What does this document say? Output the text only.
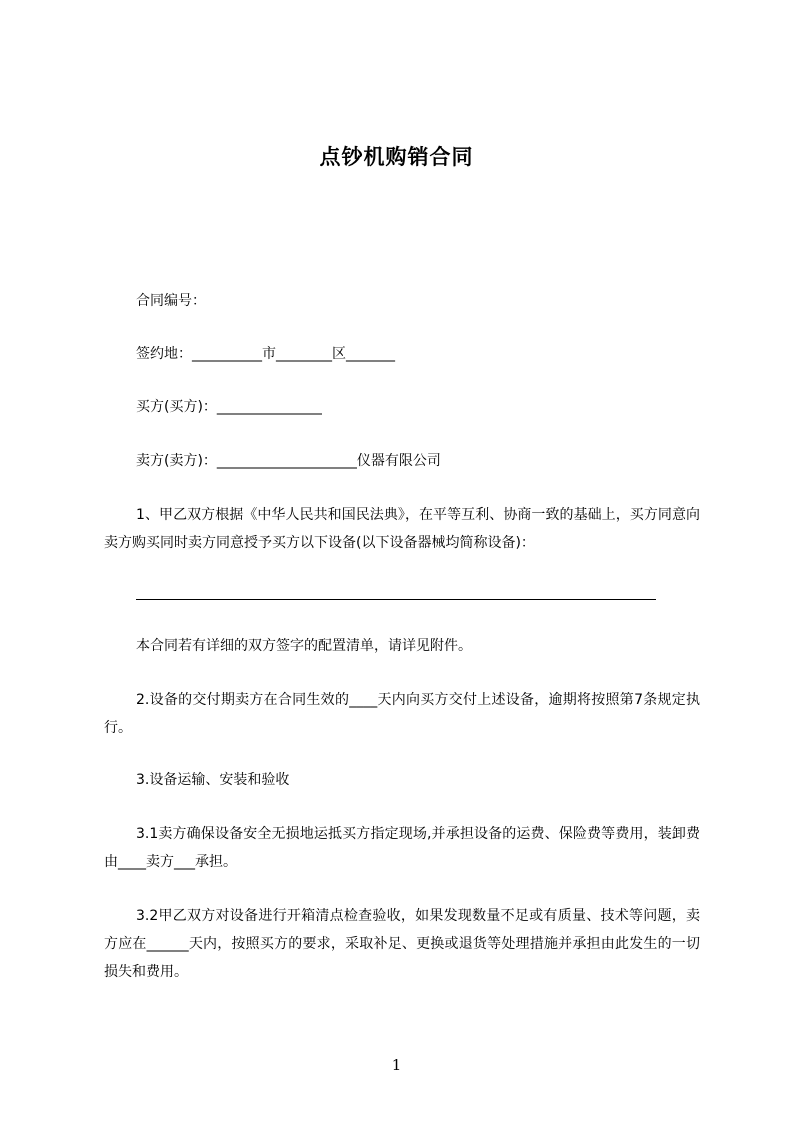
点钞机购销合同
合同编号：
签约地：__________市________区_______
买方(买方)：_______________
卖方(卖方)：____________________仪器有限公司
1、甲乙双方根据《中华人民共和国民法典》，在平等互利、协商一致的基础上，买方同意向卖方购买同时卖方同意授予买方以下设备(以下设备器械均简称设备)：
本合同若有详细的双方签字的配置清单，请详见附件。
2.设备的交付期卖方在合同生效的____天内向买方交付上述设备，逾期将按照第7条规定执行。
3.设备运输、安装和验收
3.1卖方确保设备安全无损地运抵买方指定现场,并承担设备的运费、保险费等费用，装卸费由____卖方___承担。
3.2甲乙双方对设备进行开箱清点检查验收，如果发现数量不足或有质量、技术等问题，卖方应在______天内，按照买方的要求，采取补足、更换或退货等处理措施并承担由此发生的一切损失和费用。
1
